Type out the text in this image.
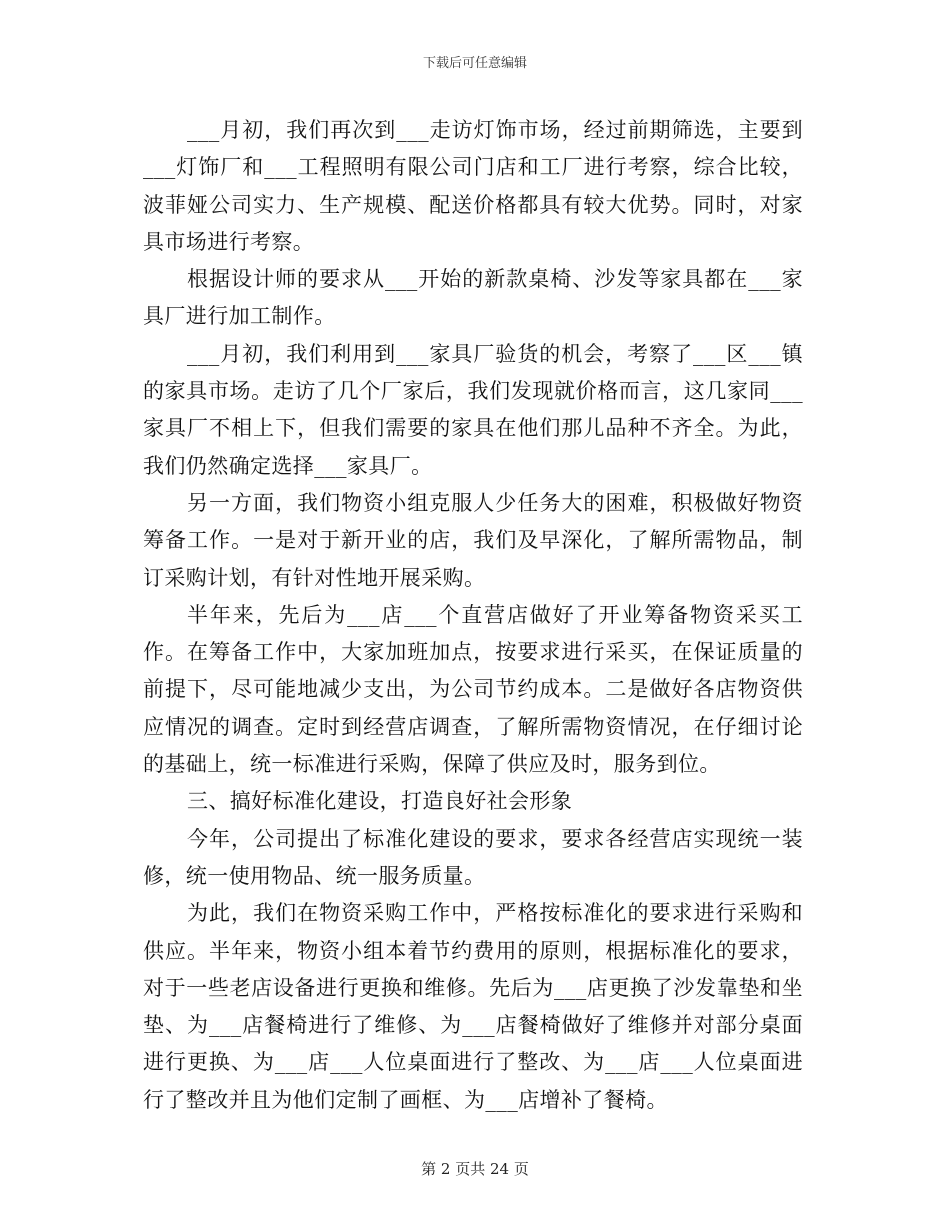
下载后可任意编辑

___月初，我们再次到___走访灯饰市场，经过前期筛选，主要到___灯饰厂和___工程照明有限公司门店和工厂进行考察，综合比较，波菲娅公司实力、生产规模、配送价格都具有较大优势。同时，对家具市场进行考察。

根据设计师的要求从___开始的新款桌椅、沙发等家具都在___家具厂进行加工制作。

___月初，我们利用到___家具厂验货的机会，考察了___区___镇的家具市场。走访了几个厂家后，我们发现就价格而言，这几家同___家具厂不相上下，但我们需要的家具在他们那儿品种不齐全。为此，我们仍然确定选择___家具厂。

另一方面，我们物资小组克服人少任务大的困难，积极做好物资筹备工作。一是对于新开业的店，我们及早深化，了解所需物品，制订采购计划，有针对性地开展采购。

半年来，先后为___店___个直营店做好了开业筹备物资采买工作。在筹备工作中，大家加班加点，按要求进行采买，在保证质量的前提下，尽可能地减少支出，为公司节约成本。二是做好各店物资供应情况的调查。定时到经营店调查，了解所需物资情况，在仔细讨论的基础上，统一标准进行采购，保障了供应及时，服务到位。

三、搞好标准化建设，打造良好社会形象

今年，公司提出了标准化建设的要求，要求各经营店实现统一装修，统一使用物品、统一服务质量。

为此，我们在物资采购工作中，严格按标准化的要求进行采购和供应。半年来，物资小组本着节约费用的原则，根据标准化的要求，对于一些老店设备进行更换和维修。先后为___店更换了沙发靠垫和坐垫、为___店餐椅进行了维修、为___店餐椅做好了维修并对部分桌面进行更换、为___店___人位桌面进行了整改、为___店___人位桌面进行了整改并且为他们定制了画框、为___店增补了餐椅。

第 2 页共 24 页
